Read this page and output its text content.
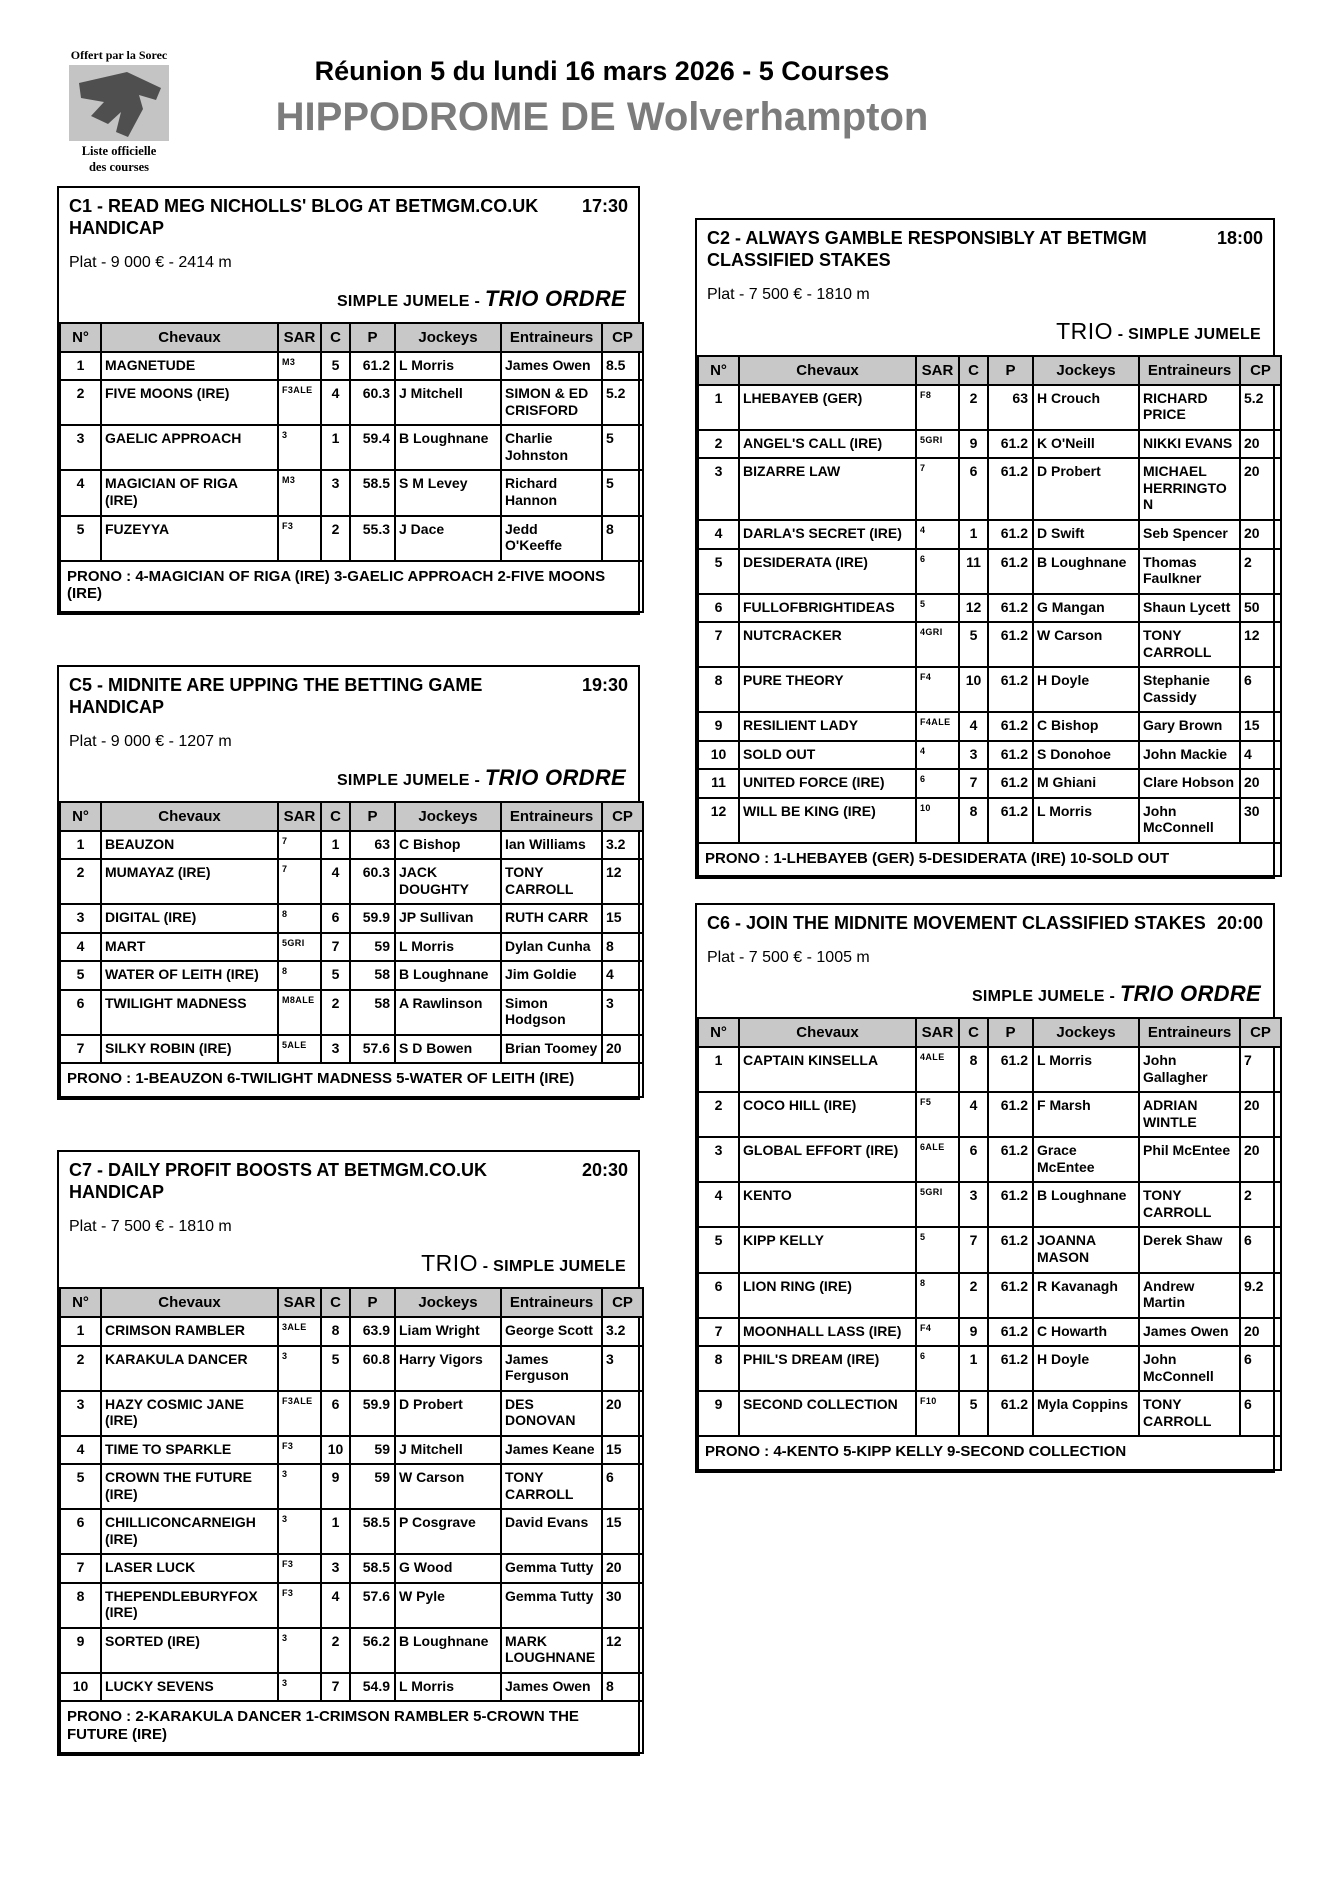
Offert par la Sorec
Liste officielle
des courses
Réunion 5 du lundi 16 mars 2026 - 5 Courses
HIPPODROME DE Wolverhampton
C1 - READ MEG NICHOLLS' BLOG AT BETMGM.CO.UK HANDICAP
17:30
Plat - 9 000 € - 2414 m
SIMPLE JUMELE - TRIO ORDRE
N°	Chevaux	SAR	C	P	Jockeys	Entraineurs	CP
1	MAGNETUDE	M3	5	61.2	L Morris	James Owen	8.5
2	FIVE MOONS (IRE)	F3ALE	4	60.3	J Mitchell	SIMON & ED CRISFORD	5.2
3	GAELIC APPROACH	3	1	59.4	B Loughnane	Charlie Johnston	5
4	MAGICIAN OF RIGA (IRE)	M3	3	58.5	S M Levey	Richard Hannon	5
5	FUZEYYA	F3	2	55.3	J Dace	Jedd O'Keeffe	8
PRONO : 4-MAGICIAN OF RIGA (IRE) 3-GAELIC APPROACH 2-FIVE MOONS (IRE)							
C5 - MIDNITE ARE UPPING THE BETTING GAME HANDICAP
19:30
Plat - 9 000 € - 1207 m
SIMPLE JUMELE - TRIO ORDRE
N°	Chevaux	SAR	C	P	Jockeys	Entraineurs	CP
1	BEAUZON	7	1	63	C Bishop	Ian Williams	3.2
2	MUMAYAZ (IRE)	7	4	60.3	JACK DOUGHTY	TONY CARROLL	12
3	DIGITAL (IRE)	8	6	59.9	JP Sullivan	RUTH CARR	15
4	MART	5GRI	7	59	L Morris	Dylan Cunha	8
5	WATER OF LEITH (IRE)	8	5	58	B Loughnane	Jim Goldie	4
6	TWILIGHT MADNESS	M8ALE	2	58	A Rawlinson	Simon Hodgson	3
7	SILKY ROBIN (IRE)	5ALE	3	57.6	S D Bowen	Brian Toomey	20
PRONO : 1-BEAUZON 6-TWILIGHT MADNESS 5-WATER OF LEITH (IRE)							
C7 - DAILY PROFIT BOOSTS AT BETMGM.CO.UK HANDICAP
20:30
Plat - 7 500 € - 1810 m
TRIO - SIMPLE JUMELE
N°	Chevaux	SAR	C	P	Jockeys	Entraineurs	CP
1	CRIMSON RAMBLER	3ALE	8	63.9	Liam Wright	George Scott	3.2
2	KARAKULA DANCER	3	5	60.8	Harry Vigors	James Ferguson	3
3	HAZY COSMIC JANE (IRE)	F3ALE	6	59.9	D Probert	DES DONOVAN	20
4	TIME TO SPARKLE	F3	10	59	J Mitchell	James Keane	15
5	CROWN THE FUTURE (IRE)	3	9	59	W Carson	TONY CARROLL	6
6	CHILLICONCARNEIGH (IRE)	3	1	58.5	P Cosgrave	David Evans	15
7	LASER LUCK	F3	3	58.5	G Wood	Gemma Tutty	20
8	THEPENDLEBURYFOX (IRE)	F3	4	57.6	W Pyle	Gemma Tutty	30
9	SORTED (IRE)	3	2	56.2	B Loughnane	MARK LOUGHNANE	12
10	LUCKY SEVENS	3	7	54.9	L Morris	James Owen	8
PRONO : 2-KARAKULA DANCER 1-CRIMSON RAMBLER 5-CROWN THE FUTURE (IRE)							
C2 - ALWAYS GAMBLE RESPONSIBLY AT BETMGM CLASSIFIED STAKES
18:00
Plat - 7 500 € - 1810 m
TRIO - SIMPLE JUMELE
N°	Chevaux	SAR	C	P	Jockeys	Entraineurs	CP
1	LHEBAYEB (GER)	F8	2	63	H Crouch	RICHARD PRICE	5.2
2	ANGEL'S CALL (IRE)	5GRI	9	61.2	K O'Neill	NIKKI EVANS	20
3	BIZARRE LAW	7	6	61.2	D Probert	MICHAEL HERRINGTON	20
4	DARLA'S SECRET (IRE)	4	1	61.2	D Swift	Seb Spencer	20
5	DESIDERATA (IRE)	6	11	61.2	B Loughnane	Thomas Faulkner	2
6	FULLOFBRIGHTIDEAS	5	12	61.2	G Mangan	Shaun Lycett	50
7	NUTCRACKER	4GRI	5	61.2	W Carson	TONY CARROLL	12
8	PURE THEORY	F4	10	61.2	H Doyle	Stephanie Cassidy	6
9	RESILIENT LADY	F4ALE	4	61.2	C Bishop	Gary Brown	15
10	SOLD OUT	4	3	61.2	S Donohoe	John Mackie	4
11	UNITED FORCE (IRE)	6	7	61.2	M Ghiani	Clare Hobson	20
12	WILL BE KING (IRE)	10	8	61.2	L Morris	John McConnell	30
PRONO : 1-LHEBAYEB (GER) 5-DESIDERATA (IRE) 10-SOLD OUT							
C6 - JOIN THE MIDNITE MOVEMENT CLASSIFIED STAKES 20:00
Plat - 7 500 € - 1005 m
SIMPLE JUMELE - TRIO ORDRE
N°	Chevaux	SAR	C	P	Jockeys	Entraineurs	CP
1	CAPTAIN KINSELLA	4ALE	8	61.2	L Morris	John Gallagher	7
2	COCO HILL (IRE)	F5	4	61.2	F Marsh	ADRIAN WINTLE	20
3	GLOBAL EFFORT (IRE)	6ALE	6	61.2	Grace McEntee	Phil McEntee	20
4	KENTO	5GRI	3	61.2	B Loughnane	TONY CARROLL	2
5	KIPP KELLY	5	7	61.2	JOANNA MASON	Derek Shaw	6
6	LION RING (IRE)	8	2	61.2	R Kavanagh	Andrew Martin	9.2
7	MOONHALL LASS (IRE)	F4	9	61.2	C Howarth	James Owen	20
8	PHIL'S DREAM (IRE)	6	1	61.2	H Doyle	John McConnell	6
9	SECOND COLLECTION	F10	5	61.2	Myla Coppins	TONY CARROLL	6
PRONO : 4-KENTO 5-KIPP KELLY 9-SECOND COLLECTION							
